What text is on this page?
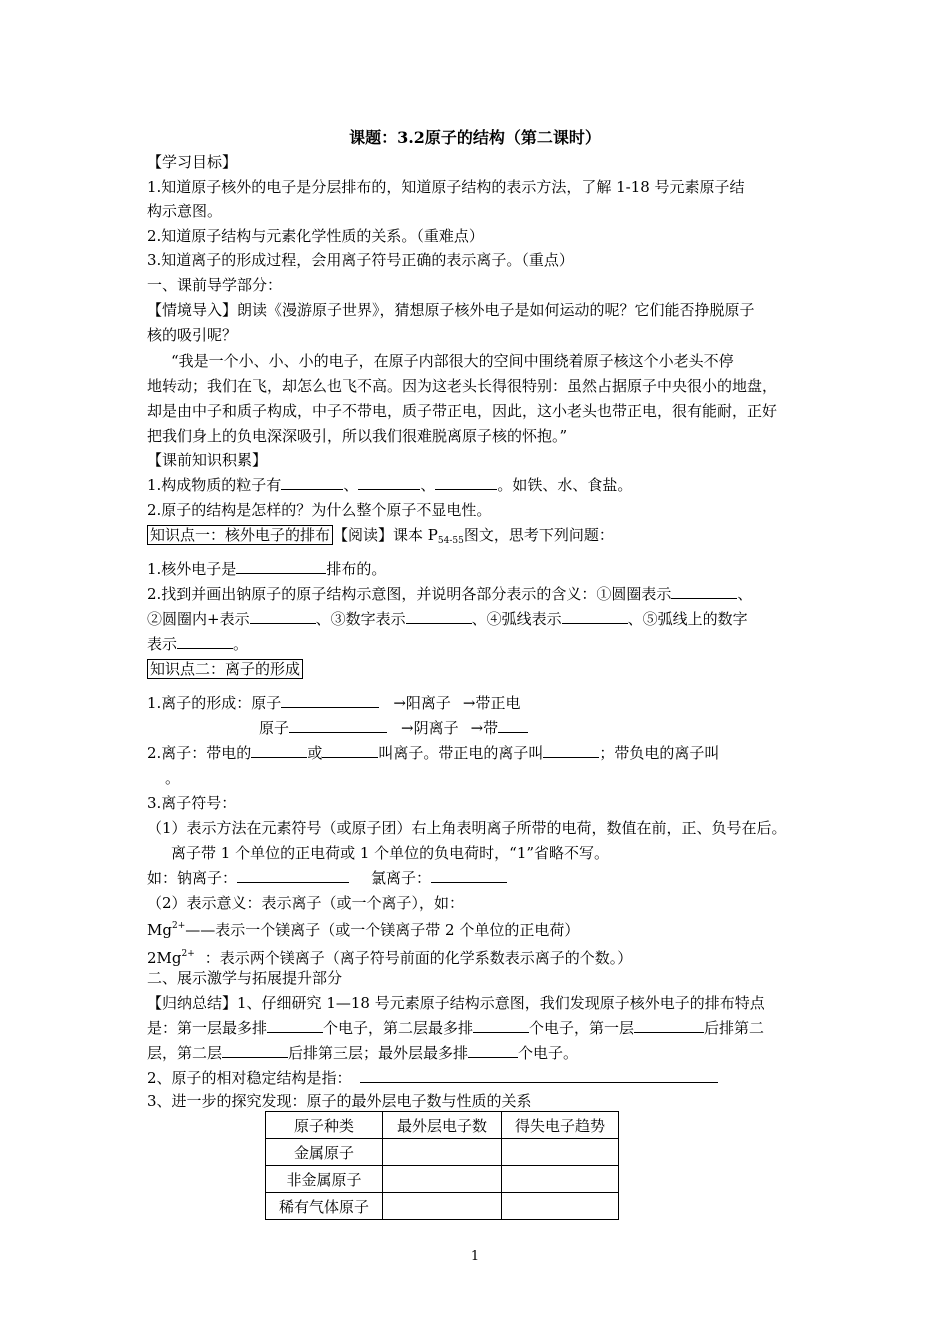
课题：3.2原子的结构（第二课时）
【学习目标】
1.知道原子核外的电子是分层排布的，知道原子结构的表示方法，了解 1-18 号元素原子结
构示意图。
2.知道原子结构与元素化学性质的关系。（重难点）
3.知道离子的形成过程，会用离子符号正确的表示离子。（重点）
一、课前导学部分：
【情境导入】朗读《漫游原子世界》，猜想原子核外电子是如何运动的呢？它们能否挣脱原子
核的吸引呢？
“我是一个小、小、小的电子，在原子内部很大的空间中围绕着原子核这个小老头不停
地转动；我们在飞，却怎么也飞不高。因为这老头长得很特别：虽然占据原子中央很小的地盘，
却是由中子和质子构成，中子不带电，质子带正电，因此，这小老头也带正电，很有能耐，正好
把我们身上的负电深深吸引，所以我们很难脱离原子核的怀抱。”
【课前知识积累】
1.构成物质的粒子有	、	、	。如铁、水、食盐。
2.原子的结构是怎样的？为什么整个原子不显电性。
知识点一：核外电子的排布 【阅读】课本 $P_{54-55}$图文，思考下列问题：
1.核外电子是	排布的。
2.找到并画出钠原子的原子结构示意图，并说明各部分表示的含义：①圆圈表示	、
②圆圈内+表示	、③数字表示	、④弧线表示	、⑤弧线上的数字
表示	。
知识点二：离子的形成
1.离子的形成：原子	→阳离子 →带正电
原子	→阴离子 →带
2.离子：带电的	或	叫离子。带正电的离子叫	；带负电的离子叫
。
3.离子符号：
（1）表示方法在元素符号（或原子团）右上角表明离子所带的电荷，数值在前，正、负号在后。
离子带 1 个单位的正电荷或 1 个单位的负电荷时，“1”省略不写。
如：钠离子：	氯离子：
（2）表示意义：表示离子（或一个离子），如：
$Mg^{2+}——$表示一个镁离子（或一个镁离子带 2 个单位的正电荷）
$2Mg^{2+}$ ：表示两个镁离子（离子符号前面的化学系数表示离子的个数。）
二、展示激学与拓展提升部分
【归纳总结】1、仔细研究 1—18 号元素原子结构示意图，我们发现原子核外电子的排布特点
是：第一层最多排	个电子，第二层最多排	个电子，第一层	后排第二
层，第二层	后排第三层；最外层最多排	个电子。
2、原子的相对稳定结构是指：
3、进一步的探究发现：原子的最外层电子数与性质的关系
原子种类	最外层电子数	得失电子趋势
金属原子		
非金属原子		
稀有气体原子		
1
